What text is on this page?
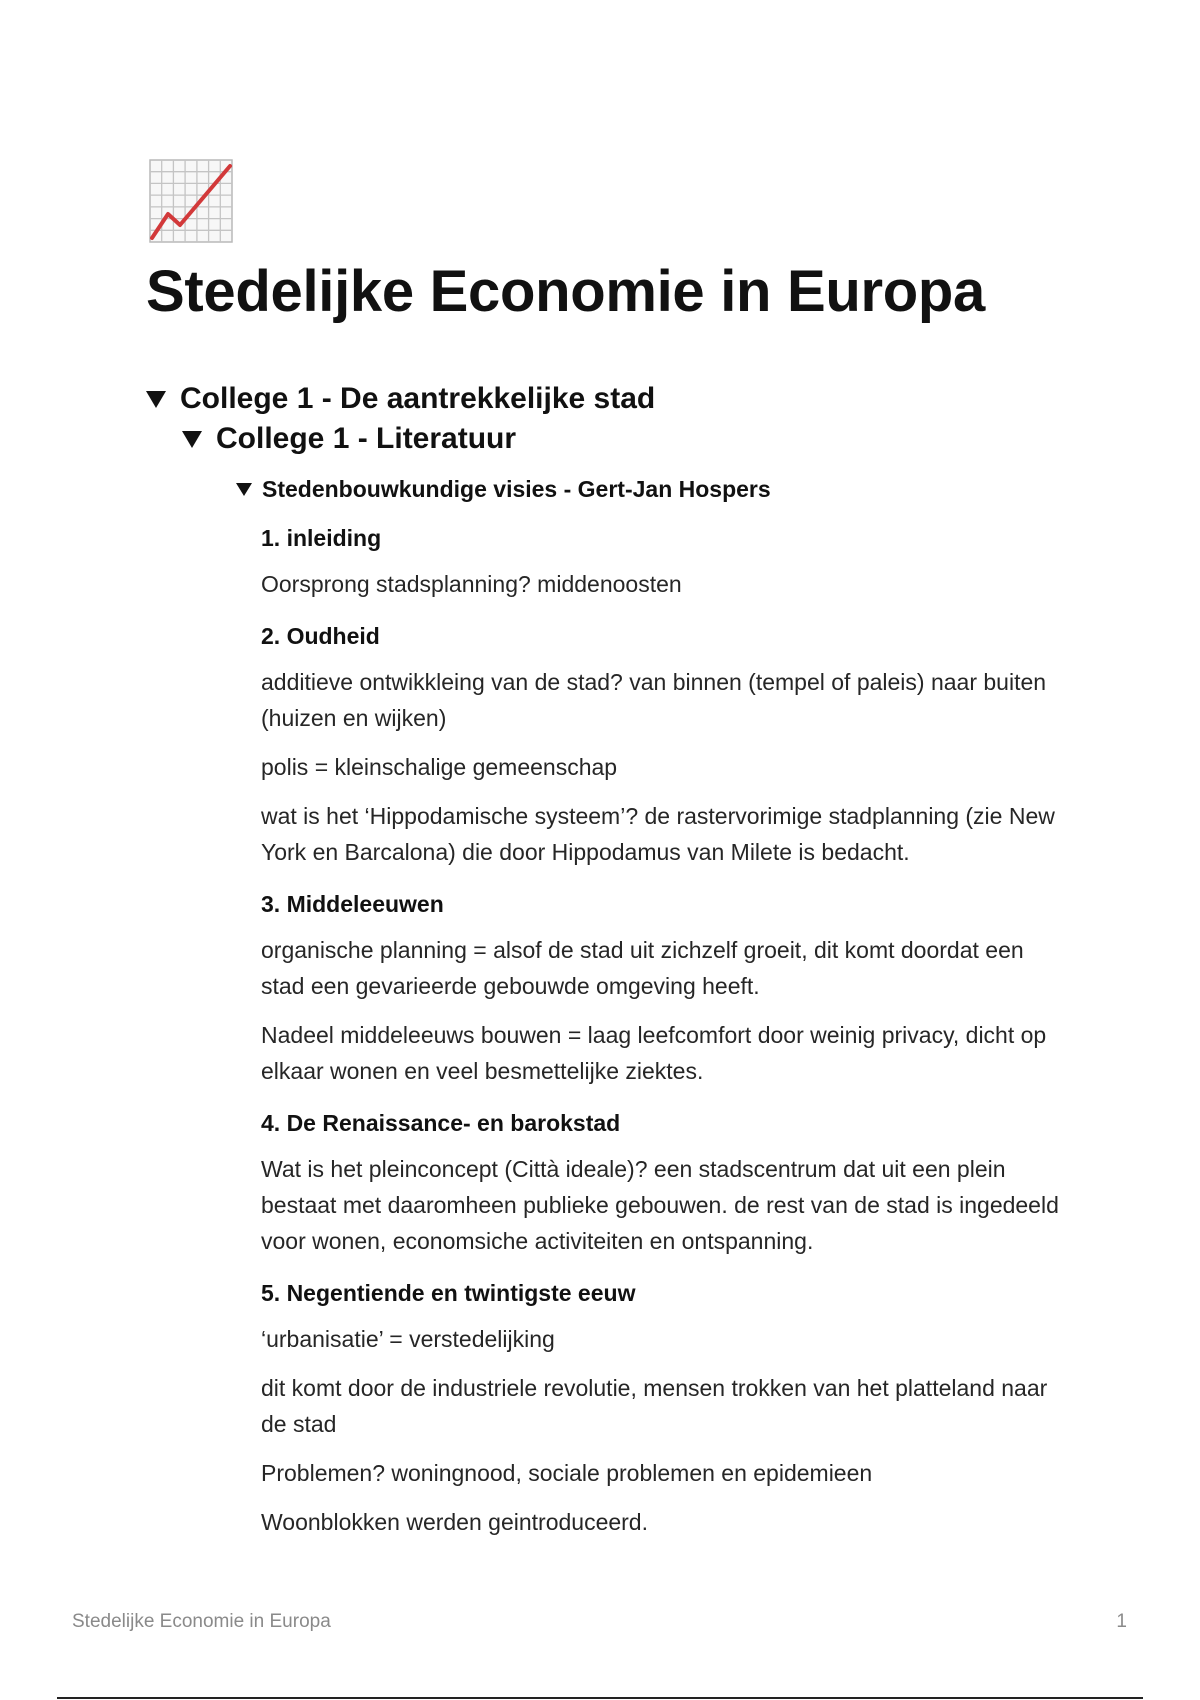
Stedelijke Economie in Europa
College 1 - De aantrekkelijke stad
College 1 - Literatuur
Stedenbouwkundige visies - Gert-Jan Hospers
1. inleiding

Oorsprong stadsplanning? middenoosten

2. Oudheid

additieve ontwikkleing van de stad? van binnen (tempel of paleis) naar buiten (huizen en wijken)

polis = kleinschalige gemeenschap

wat is het ‘Hippodamische systeem’? de rastervorimige stadplanning (zie New York en Barcalona) die door Hippodamus van Milete is bedacht.

3. Middeleeuwen

organische planning = alsof de stad uit zichzelf groeit, dit komt doordat een stad een gevarieerde gebouwde omgeving heeft.

Nadeel middeleeuws bouwen = laag leefcomfort door weinig privacy, dicht op elkaar wonen en veel besmettelijke ziektes.

4. De Renaissance- en barokstad

Wat is het pleinconcept (Città ideale)? een stadscentrum dat uit een plein bestaat met daaromheen publieke gebouwen. de rest van de stad is ingedeeld voor wonen, economsiche activiteiten en ontspanning.

5. Negentiende en twintigste eeuw

‘urbanisatie’ = verstedelijking

dit komt door de industriele revolutie, mensen trokken van het platteland naar de stad

Problemen? woningnood, sociale problemen en epidemieen

Woonblokken werden geintroduceerd.

Stedelijke Economie in Europa	1
